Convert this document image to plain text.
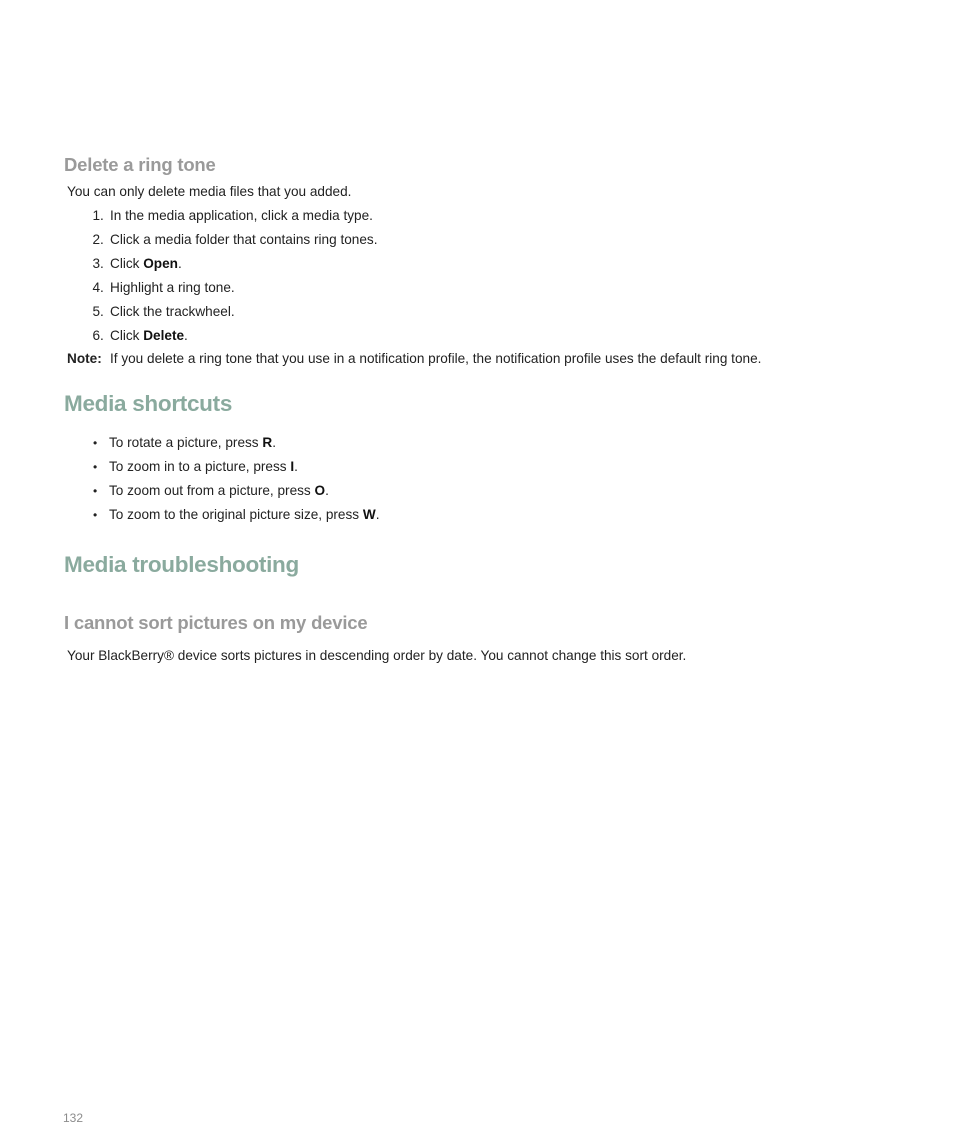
Delete a ring tone

You can only delete media files that you added.

1 . In the media application, click a media type.
2 . Click a media folder that contains ring tones.
3 . Click Open.
4 . Highlight a ring tone.
5 . Click the trackwheel.
6 . Click Delete.
Note: If you delete a ring tone that you use in a notification profile, the notification profile uses the default ring tone.
Media shortcuts
• To rotate a picture, press R.
• To zoom in to a picture, press I.
• To zoom out from a picture, press O.
• To zoom to the original picture size, press W.
Media troubleshooting
I cannot sort pictures on my device

Your BlackBerry® device sorts pictures in descending order by date. You cannot change this sort order.

132
